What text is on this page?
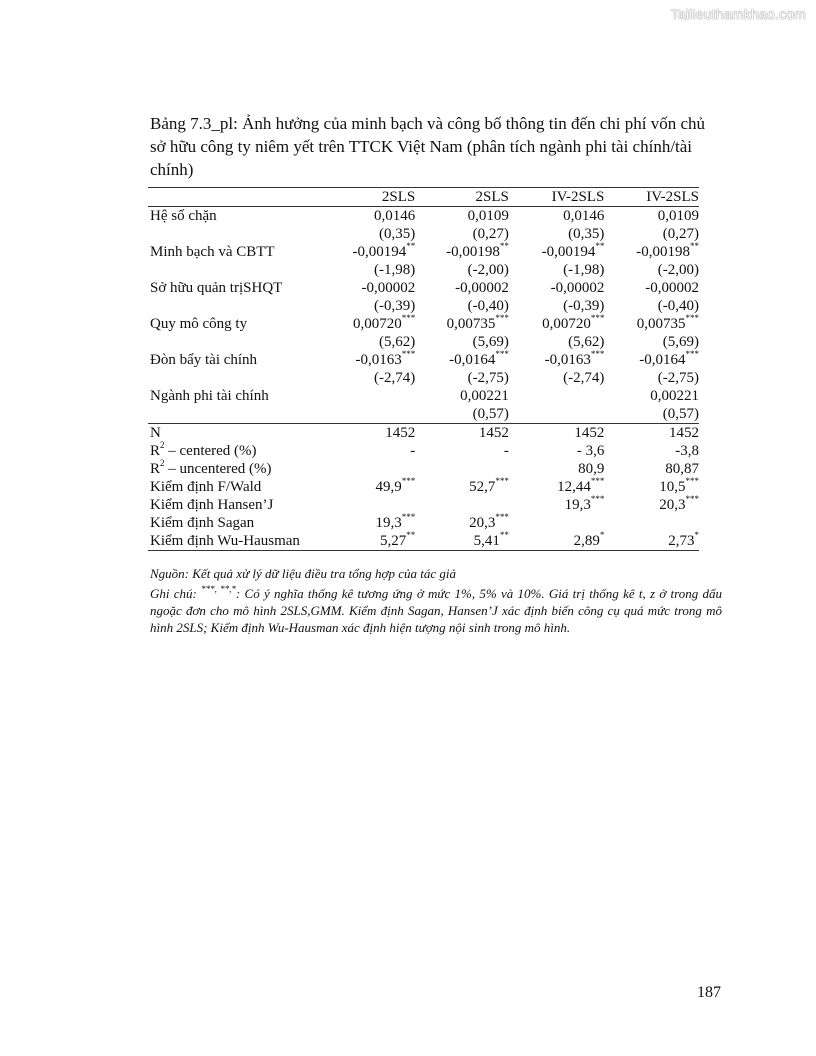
Tailieuthamkhao.com
Bảng 7.3_pl: Ảnh hưởng của minh bạch và công bố thông tin đến chi phí vốn chủ sở hữu công ty niêm yết trên TTCK Việt Nam (phân tích ngành phi tài chính/tài chính)
	2SLS	2SLS	IV-2SLS	IV-2SLS
Hệ số chặn	0,0146	0,0109	0,0146	0,0109
	(0,35)	(0,27)	(0,35)	(0,27)
Minh bạch và CBTT	-0,00194**	-0,00198**	-0,00194**	-0,00198**
	(-1,98)	(-2,00)	(-1,98)	(-2,00)
Sở hữu quản trịSHQT	-0,00002	-0,00002	-0,00002	-0,00002
	(-0,39)	(-0,40)	(-0,39)	(-0,40)
Quy mô công ty	0,00720***	0,00735***	0,00720***	0,00735***
	(5,62)	(5,69)	(5,62)	(5,69)
Đòn bẩy tài chính	-0,0163***	-0,0164***	-0,0163***	-0,0164***
	(-2,74)	(-2,75)	(-2,74)	(-2,75)
Ngành phi tài chính		0,00221		0,00221
		(0,57)		(0,57)
N	1452	1452	1452	1452
$R^2$ – centered (%)	-	-	- 3,6	-3,8
$R^2$ – uncentered (%)			80,9	80,87
Kiểm định F/Wald	49,9***	52,7***	12,44***	10,5***
Kiểm định Hansen’J			19,3***	20,3***
Kiểm định Sagan	19,3***	20,3***		
Kiểm định Wu-Hausman	5,27**	5,41**	2,89*	2,73*

Nguồn: Kết quả xử lý dữ liệu điều tra tổng hợp của tác giả

Ghi chú: ***, **,*: Có ý nghĩa thống kê tương ứng ở mức 1%, 5% và 10%. Giá trị thống kê t, z ở trong dấu ngoặc đơn cho mô hình 2SLS,GMM. Kiểm định Sagan, Hansen’J xác định biến công cụ quá mức trong mô hình 2SLS; Kiểm định Wu-Hausman xác định hiện tượng nội sinh trong mô hình.

187
